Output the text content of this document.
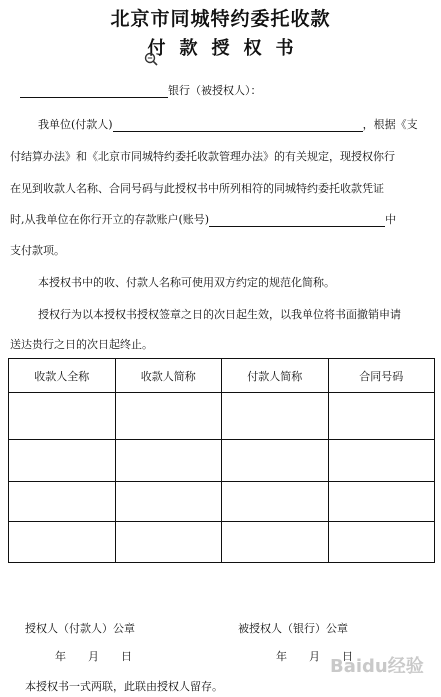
北京市同城特约委托收款
付款授权书
银行（被授权人）：
我单位(付款人)	，根据《支
付结算办法》和《北京市同城特约委托收款管理办法》的有关规定，现授权你行
在见到收款人名称、合同号码与此授权书中所列相符的同城特约委托收款凭证
时,从我单位在你行开立的存款账户(账号)	中
支付款项。
本授权书中的收、付款人名称可使用双方约定的规范化简称。
授权行为以本授权书授权签章之日的次日起生效，以我单位将书面撤销申请
送达贵行之日的次日起终止。
收款人全称	收款人简称	付款人简称	合同号码

授权人（付款人）公章	被授权人（银行）公章
年　　月　　日	年　　月　　日
本授权书一式两联，此联由授权人留存。
Baidu经验
